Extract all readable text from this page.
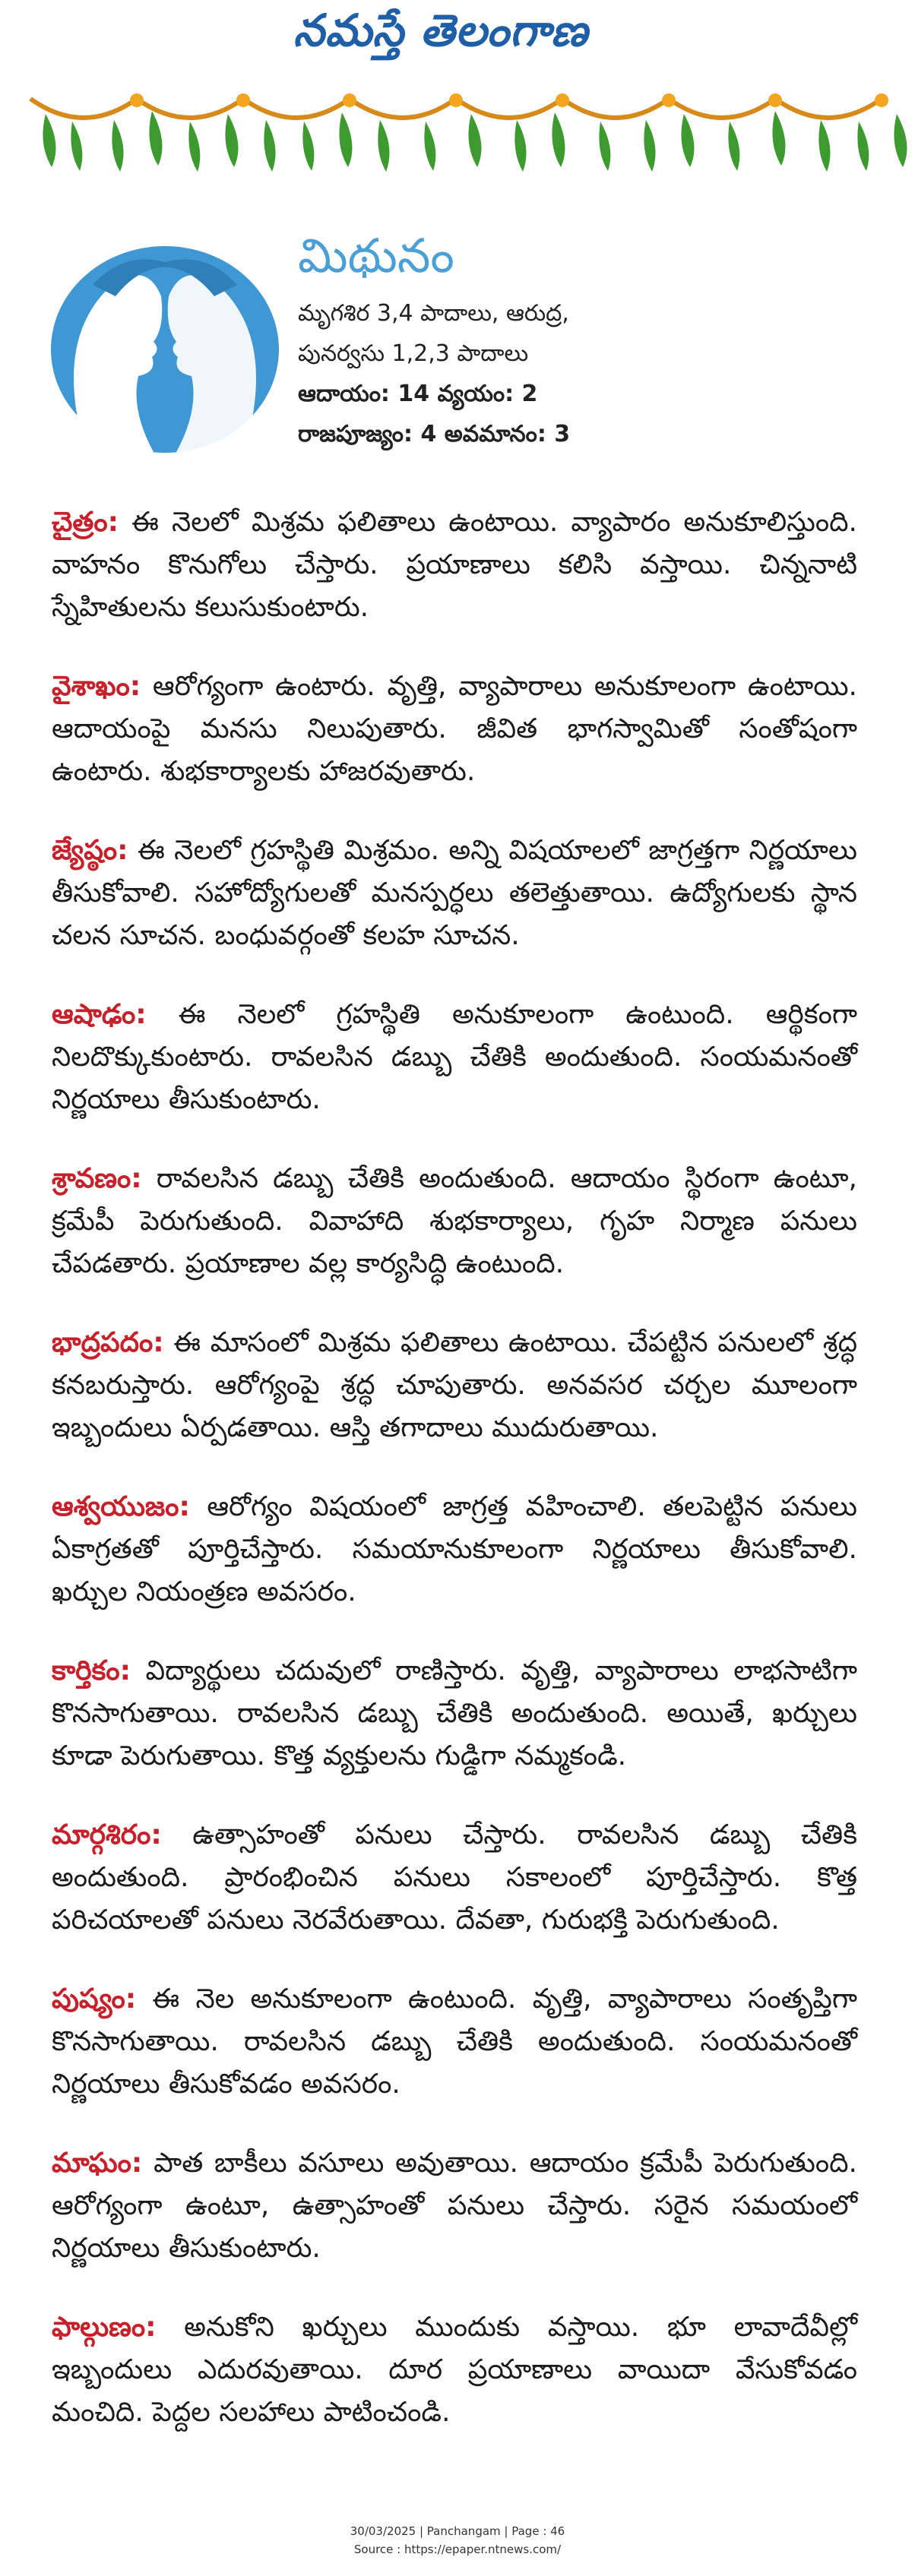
నమస్తే తెలంగాణ
మిథునం
మృగశిర 3,4 పాదాలు, ఆరుద్ర,
పునర్వసు 1,2,3 పాదాలు
ఆదాయం: 14 వ్యయం: 2
రాజపూజ్యం: 4 అవమానం: 3

చైత్రం: ఈ నెలలో మిశ్రమ ఫలితాలు ఉంటాయి. వ్యాపారం అనుకూలిస్తుంది. వాహనం కొనుగోలు చేస్తారు. ప్రయాణాలు కలిసి వస్తాయి. చిన్ననాటి స్నేహితులను కలుసుకుంటారు.

వైశాఖం: ఆరోగ్యంగా ఉంటారు. వృత్తి, వ్యాపారాలు అనుకూలంగా ఉంటాయి. ఆదాయంపై మనసు నిలుపుతారు. జీవిత భాగస్వామితో సంతోషంగా ఉంటారు. శుభకార్యాలకు హాజరవుతారు.

జ్యేష్ఠం: ఈ నెలలో గ్రహస్థితి మిశ్రమం. అన్ని విషయాలలో జాగ్రత్తగా నిర్ణయాలు తీసుకోవాలి. సహోద్యోగులతో మనస్పర్ధలు తలెత్తుతాయి. ఉద్యోగులకు స్థాన చలన సూచన. బంధువర్గంతో కలహ సూచన.

ఆషాఢం: ఈ నెలలో గ్రహస్థితి అనుకూలంగా ఉంటుంది. ఆర్థికంగా నిలదొక్కుకుంటారు. రావలసిన డబ్బు చేతికి అందుతుంది. సంయమనంతో నిర్ణయాలు తీసుకుంటారు.

శ్రావణం: రావలసిన డబ్బు చేతికి అందుతుంది. ఆదాయం స్థిరంగా ఉంటూ, క్రమేపీ పెరుగుతుంది. వివాహాది శుభకార్యాలు, గృహ నిర్మాణ పనులు చేపడతారు. ప్రయాణాల వల్ల కార్యసిద్ధి ఉంటుంది.

భాద్రపదం: ఈ మాసంలో మిశ్రమ ఫలితాలు ఉంటాయి. చేపట్టిన పనులలో శ్రద్ధ కనబరుస్తారు. ఆరోగ్యంపై శ్రద్ధ చూపుతారు. అనవసర చర్చల మూలంగా ఇబ్బందులు ఏర్పడతాయి. ఆస్తి తగాదాలు ముదురుతాయి.

ఆశ్వయుజం: ఆరోగ్యం విషయంలో జాగ్రత్త వహించాలి. తలపెట్టిన పనులు ఏకాగ్రతతో పూర్తిచేస్తారు. సమయానుకూలంగా నిర్ణయాలు తీసుకోవాలి. ఖర్చుల నియంత్రణ అవసరం.

కార్తికం: విద్యార్థులు చదువులో రాణిస్తారు. వృత్తి, వ్యాపారాలు లాభసాటిగా కొనసాగుతాయి. రావలసిన డబ్బు చేతికి అందుతుంది. అయితే, ఖర్చులు కూడా పెరుగుతాయి. కొత్త వ్యక్తులను గుడ్డిగా నమ్మకండి.

మార్గశిరం: ఉత్సాహంతో పనులు చేస్తారు. రావలసిన డబ్బు చేతికి అందుతుంది. ప్రారంభించిన పనులు సకాలంలో పూర్తిచేస్తారు. కొత్త పరిచయాలతో పనులు నెరవేరుతాయి. దేవతా, గురుభక్తి పెరుగుతుంది.

పుష్యం: ఈ నెల అనుకూలంగా ఉంటుంది. వృత్తి, వ్యాపారాలు సంతృప్తిగా కొనసాగుతాయి. రావలసిన డబ్బు చేతికి అందుతుంది. సంయమనంతో నిర్ణయాలు తీసుకోవడం అవసరం.

మాఘం: పాత బాకీలు వసూలు అవుతాయి. ఆదాయం క్రమేపీ పెరుగుతుంది. ఆరోగ్యంగా ఉంటూ, ఉత్సాహంతో పనులు చేస్తారు. సరైన సమయంలో నిర్ణయాలు తీసుకుంటారు.

ఫాల్గుణం: అనుకోని ఖర్చులు ముందుకు వస్తాయి. భూ లావాదేవీల్లో ఇబ్బందులు ఎదురవుతాయి. దూర ప్రయాణాలు వాయిదా వేసుకోవడం మంచిది. పెద్దల సలహాలు పాటించండి.

30/03/2025 | Panchangam | Page : 46
Source : https://epaper.ntnews.com/
